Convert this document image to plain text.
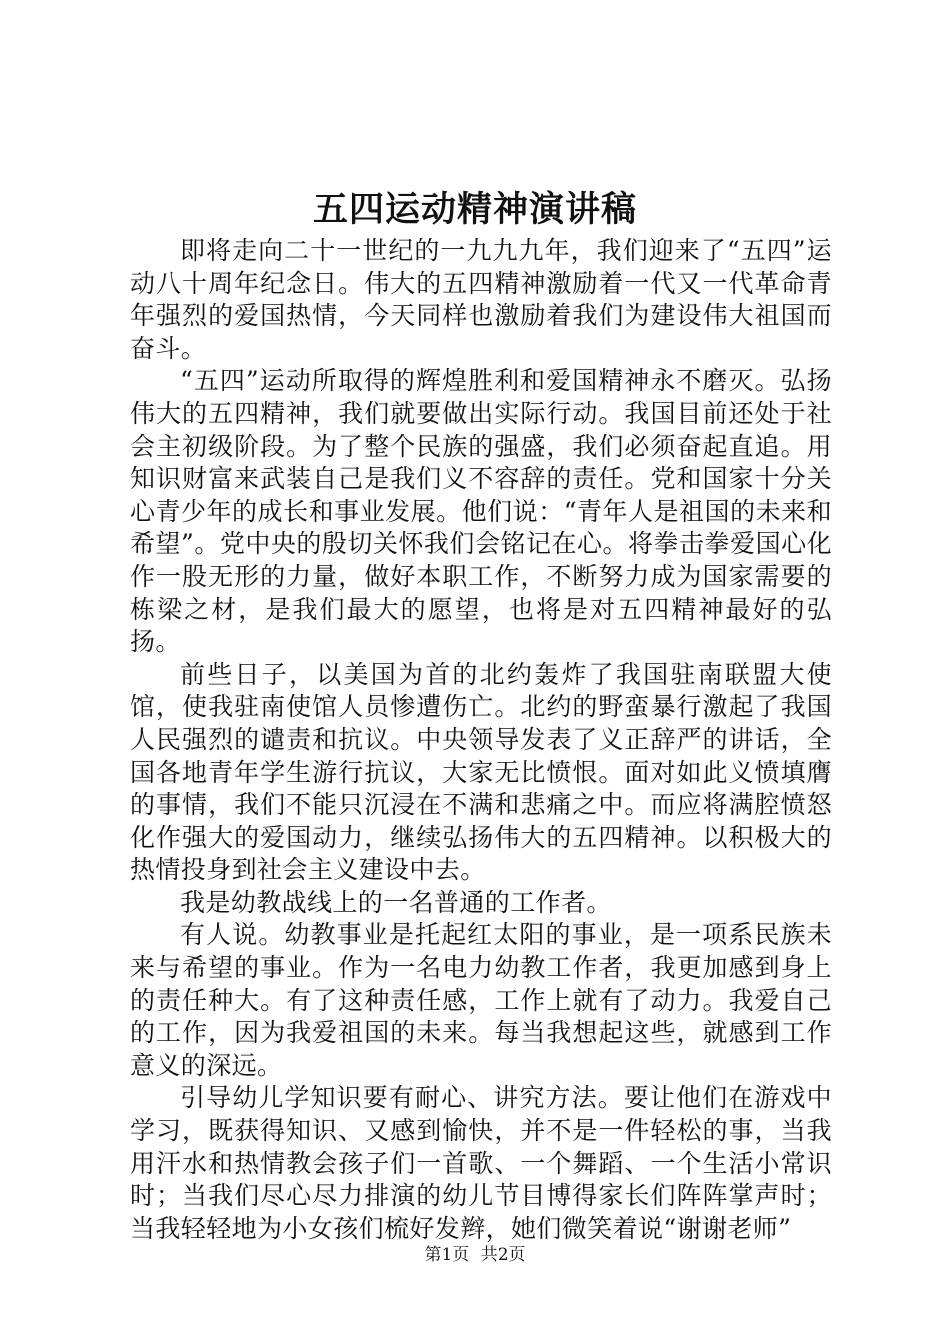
五四运动精神演讲稿

即将走向二十一世纪的一九九九年，我们迎来了“五四”运动八十周年纪念日。伟大的五四精神激励着一代又一代革命青年强烈的爱国热情，今天同样也激励着我们为建设伟大祖国而奋斗。

“五四”运动所取得的辉煌胜利和爱国精神永不磨灭。弘扬伟大的五四精神，我们就要做出实际行动。我国目前还处于社会主初级阶段。为了整个民族的强盛，我们必须奋起直追。用知识财富来武装自己是我们义不容辞的责任。党和国家十分关心青少年的成长和事业发展。他们说：“青年人是祖国的未来和希望”。党中央的殷切关怀我们会铭记在心。将拳击拳爱国心化作一股无形的力量，做好本职工作，不断努力成为国家需要的栋梁之材，是我们最大的愿望，也将是对五四精神最好的弘扬。

前些日子，以美国为首的北约轰炸了我国驻南联盟大使馆，使我驻南使馆人员惨遭伤亡。北约的野蛮暴行激起了我国人民强烈的谴责和抗议。中央领导发表了义正辞严的讲话，全国各地青年学生游行抗议，大家无比愤恨。面对如此义愤填膺的事情，我们不能只沉浸在不满和悲痛之中。而应将满腔愤怒化作强大的爱国动力，继续弘扬伟大的五四精神。以积极大的热情投身到社会主义建设中去。

我是幼教战线上的一名普通的工作者。

有人说。幼教事业是托起红太阳的事业，是一项系民族未来与希望的事业。作为一名电力幼教工作者，我更加感到身上的责任种大。有了这种责任感，工作上就有了动力。我爱自己的工作，因为我爱祖国的未来。每当我想起这些，就感到工作意义的深远。

引导幼儿学知识要有耐心、讲究方法。要让他们在游戏中学习，既获得知识、又感到愉快，并不是一件轻松的事，当我用汗水和热情教会孩子们一首歌、一个舞蹈、一个生活小常识时；当我们尽心尽力排演的幼儿节目博得家长们阵阵掌声时；当我轻轻地为小女孩们梳好发辫，她们微笑着说“谢谢老师”

第1页 共2页
